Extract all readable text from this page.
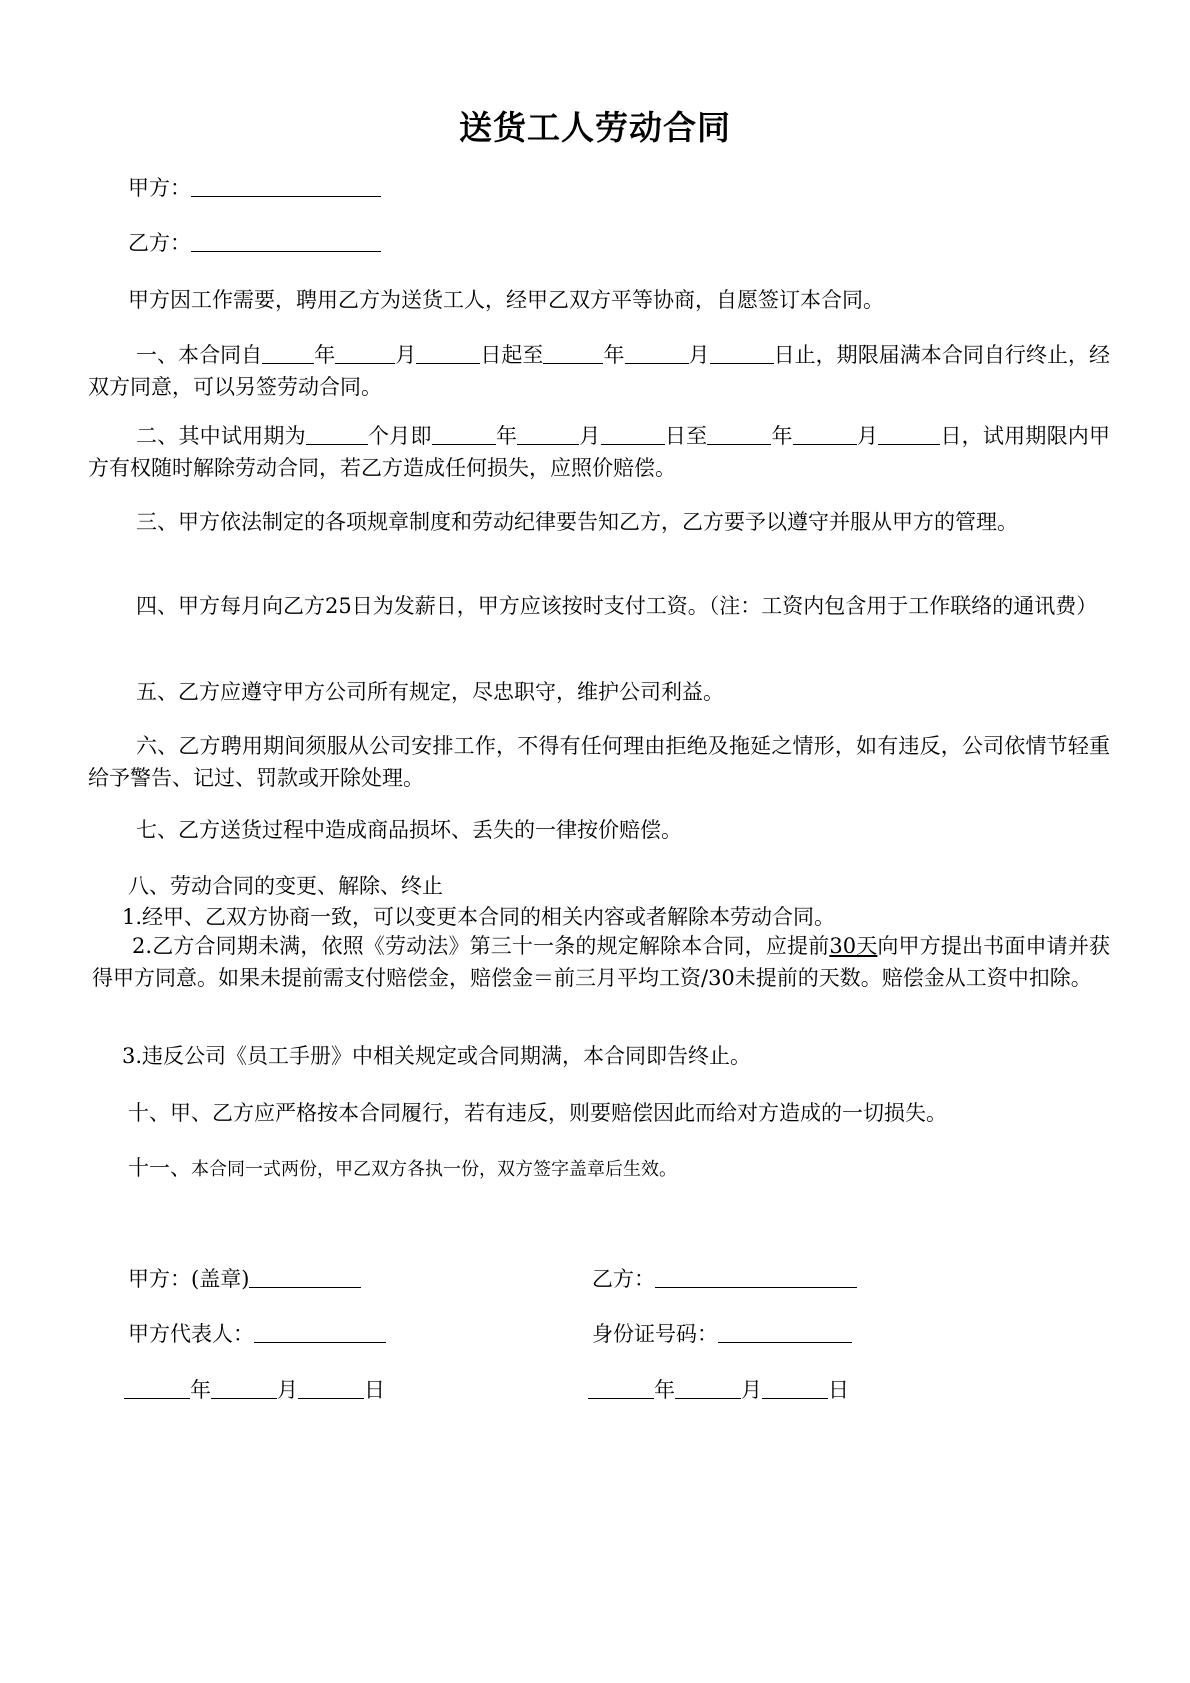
送货工人劳动合同
甲方：
乙方：
甲方因工作需要，聘用乙方为送货工人，经甲乙双方平等协商，自愿签订本合同。
一、本合同自 年	月	日起至	年	月	日止，期限届满本合同自行终止，经双方同意，可以另签劳动合同。
二、其中试用期为	个月即	年	月	日至	年	月	日，试用期限内甲方有权随时解除劳动合同，若乙方造成任何损失，应照价赔偿。
三、甲方依法制定的各项规章制度和劳动纪律要告知乙方，乙方要予以遵守并服从甲方的管理。
四、甲方每月向乙方25日为发薪日，甲方应该按时支付工资。（注：工资内包含用于工作联络的通讯费）
五、乙方应遵守甲方公司所有规定，尽忠职守，维护公司利益。
六、乙方聘用期间须服从公司安排工作，不得有任何理由拒绝及拖延之情形，如有违反，公司依情节轻重给予警告、记过、罚款或开除处理。
七、乙方送货过程中造成商品损坏、丢失的一律按价赔偿。
八、劳动合同的变更、解除、终止
1.经甲、乙双方协商一致，可以变更本合同的相关内容或者解除本劳动合同。
2.乙方合同期未满，依照《劳动法》第三十一条的规定解除本合同，应提前30天向甲方提出书面申请并获得甲方同意。如果未提前需支付赔偿金，赔偿金＝前三月平均工资/30未提前的天数。赔偿金从工资中扣除。
3.违反公司《员工手册》中相关规定或合同期满，本合同即告终止。
十、甲、乙方应严格按本合同履行，若有违反，则要赔偿因此而给对方造成的一切损失。
十一、本合同一式两份，甲乙双方各执一份，双方签字盖章后生效。
甲方：(盖章)	乙方：
甲方代表人：	身份证号码：
年	月	日	年	月	日
